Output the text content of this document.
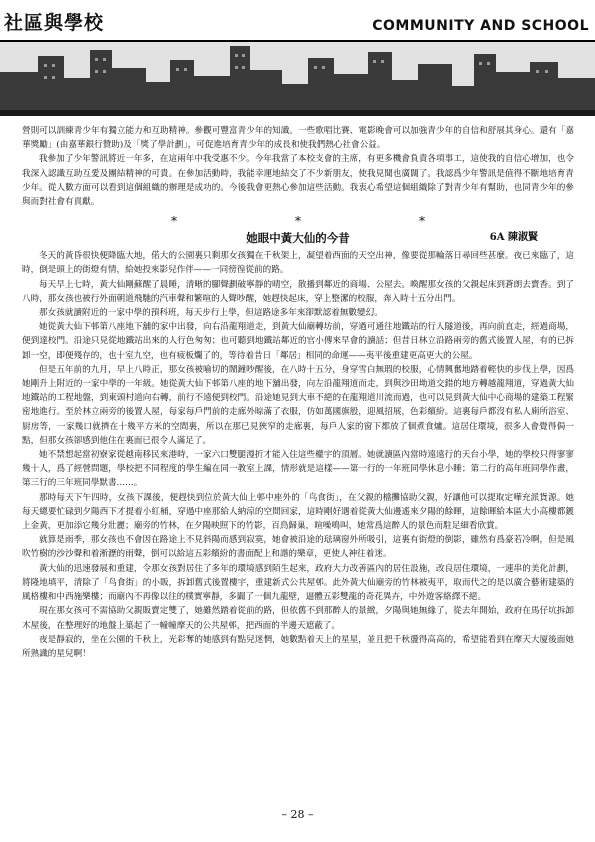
社區與學校	COMMUNITY AND SCHOOL

營則可以訓練青少年有獨立能力和互助精神。參觀可豐富青少年的知識。一些歌唱比賽、電影晚會可以加強青少年的自信和舒展其身心。還有「嘉華獎勵」(由嘉華銀行贊助)及「獎了學計劃」，可促進培育青少年的成長和使我們熱心社會公益。

我參加了少年警訊將近一年多，在這兩年中我受惠不少。今年我當了本校支會的主席，有更多機會負責各項事工，這使我的自信心增加，也令我深入認識互助互愛及團結精神的可貴。在參加活動時，我能幸運地結交了不少新朋友，使我見聞也廣闊了。我認爲少年警訊是值得不斷地培育青少年。從人數方面可以看到這個組織的辦理是成功的。今後我會更熱心參加這些活動。我衷心希望這個組織除了對青少年有幫助，也同青少年的參與而對社會有貢獻。

*	*	*
她眼中黃大仙的今昔	6A 陳淑賢

冬天的黃昏很快便降臨大地，偌大的公園裏只剩那女孩獨在千秋架上，凝望着西面的天空出神，像要從那輪落日尋回些甚麼。夜已來臨了，這時，倒是頭上的街燈有情，給她投來影兒作伴——一同徬徨從前的路。

每天早上七時，黃大仙剛蘇醒了晨睡，清晰的腳聲劃破寧靜的晴空，散播到鄰近的商場、公屋去。喚醒那女孩的父親起床到蒼朗去賣香。到了八時，那女孩也被行外面朝道飛馳的汽車聲和繁喧的人聲吵醒，她趕快起床，穿上整潔的校服，奔入時十五分出門。

那女孩就讀附近的一家中學的預科班，每天步行上學，但這路途多年來卻默認着無數變幻。

她從黃大仙下邨第八座地下舖的家中出發，向右沿龍翔道走，到黃大仙廟轉坊前，穿過可通往地鐵站的行人隧道後，再向前直走，經過商場，便到達校門。沿途只見從地鐵站出來的人行色匆匆；也可聽到地鐵站鄰近的官小傳來早會的讀話；但昔日林立沿路兩旁的舊式後置人屋，有的已拆卸一空，即便殘存的，也十室九空，也有疲板爛了的，等待着昔日「鄰居」相同的命運——夷平後重建更高更大的公屋。

但是五年前的九月，早上八時正，那女孩被喻切的鬧鐘吵醒後，在八時十五分，身穿雪白無瑕的校服，心情興奮地踏着輕快的步伐上學，因爲她剛升上附近的一家中學的一年級。她從黃大仙下邨第八座的地下舖出發，向左沿龍翔道而走，到與沙田坳道交錯的地方轉越龍翔道，穿過黃大仙地鐵站的工程地盤，到東頭村道向右轉，前行不遠便到校門。沿途她見到大車不絕的在龍翔道川流而過，也可以見到黃大仙中心商場的建築工程緊密地進行。至於林立兩旁的後置人屋，每家每戶門前的走廊外晾滿了衣服，仿如萬國旗般，迎風招展，色彩繽紛。這裏每戶都沒有私人廁所浴室、厨房等，一家幾口就擠在十幾平方米的空間裏，所以在那已見狹窄的走廊裏，每戶人家的窗下都放了個煮食爐。這居住環境，很多人會覺得侷一點，但那女孩卻感到他住在裏面已很令人滿足了。

她不禁想起當初寮家從越南移民來港時，一家六口雙腿漫折才能入住這些權宇的頂層。她就讀區內當時遠遠行的天台小學，她的學校只得寥寥幾十人，爲了經營問題，學校把不同程度的學生編在同一教室上課，情形就是這樣——第一行的一年班同學休息小睡；第二行的高年班同學作畫，第三行的三年班同學默書……。

那時每天下午四時，女孩下課後，便趕快到位於黃大仙上邨中座外的「鸟食街」，在父親的檔攤協助父親，好讓他可以提取定嘩充派貨源。她每天總要忙碌到夕陽西下才提着小紅桶，穿過中座那給人納涼的空間回家，這時剛好遇着從黃大仙邊遙來夕陽的餘暉，這餘暉給本區大小高樓都鍍上金黃，更加添它幾分壯麗；廟旁的竹林，在夕陽映照下的竹影，百鳥歸巢，暄噪鳴叫，她常爲這醉人的景色而駐足細看欣賞。

就算是雨季，那女孩也不會因在路途上不見斜陽而感到寂寞，她會被沿途的琺璃窗外所吸引，這裏有街燈的倒影，雖然有爲豪若冷啊，但是風吹竹樹的沙沙聲和着淅瀝的雨聲，倒可以給這五彩繽紛的書面配上和諧的樂章，更使人神往着迷。

黃大仙的迅速發展和重建，令那女孩對居住了多年的環境感到陌生起來，政府大力改善區內的居住設施，改良居住環境，一連串的美化計劃，將隆地填平，清除了「鸟食街」的小販，拆卸舊式後置樓宇，重建新式公共屋邨。此外黃大仙廟旁的竹林被夷平，取而代之的是以廣合藝術建築的風格樓和中西施樂樓；而廟內不再像以往的樸實寧靜，多闢了一個九龍壁，逼體五彩雙龍的奇花異卉，中外遊客絡繹不絕。

現在那女孩可不需協助父親販賣定雙了，她雖然踏着從前的路，但依舊不到那醉人的景緻，夕陽與她無緣了，從去年開始，政府在馬仔坑拆卸木屋後，在整理好的地盤上築起了一幢幢摩天的公共屋邨，把西面的半邊天遮蔽了。

夜是靜寂的，坐在公園的千秋上，光彩奪的她感到有點兒迷惘，她數點着天上的星星，並且把千秋盪得高高的，希望能看到在摩天大厦後面她所熟識的星兒啊！

– 28 –
